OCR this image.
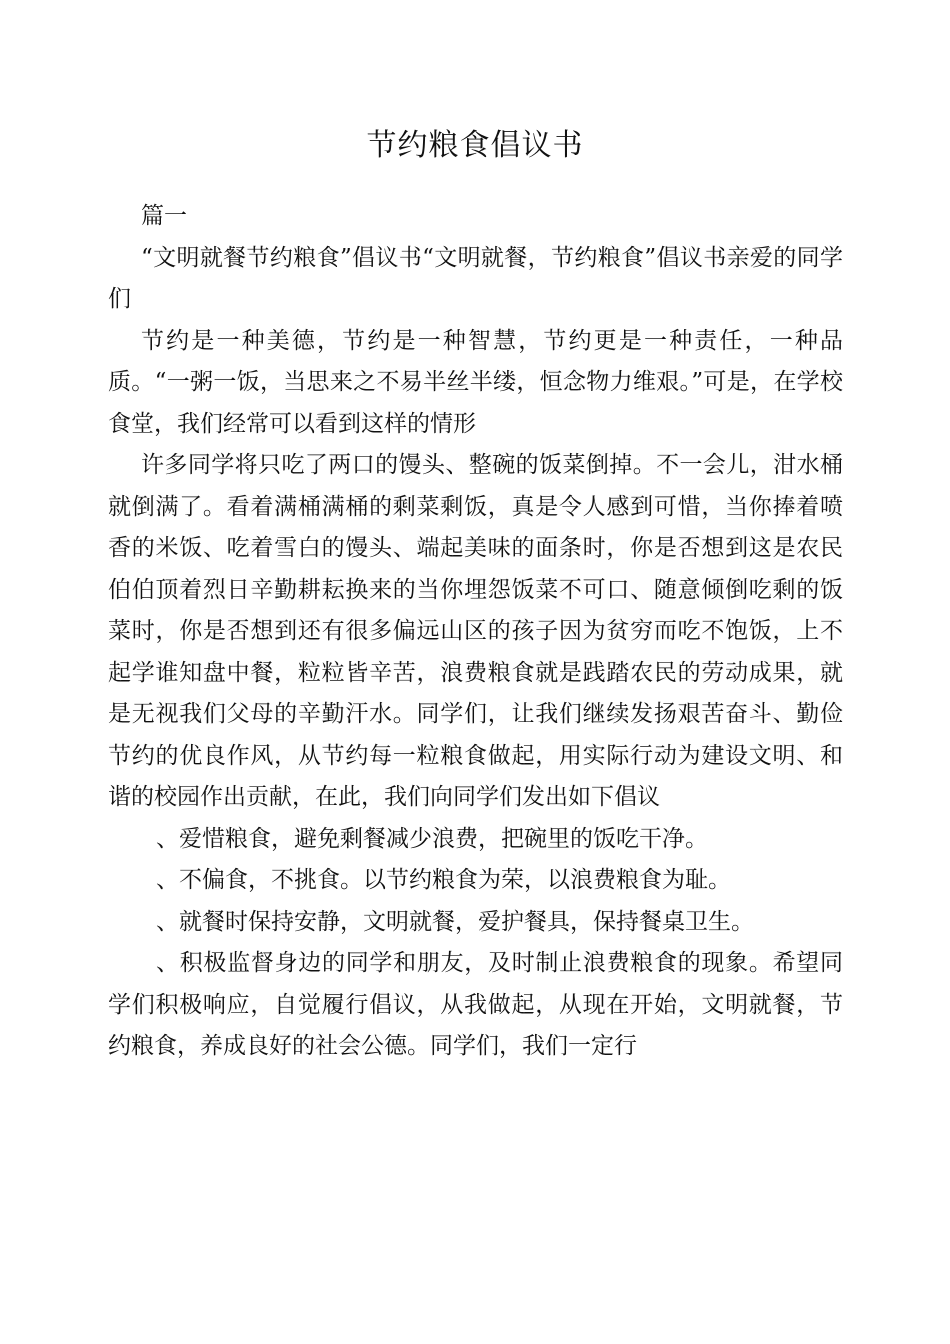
节约粮食倡议书

篇一

“文明就餐节约粮食”倡议书“文明就餐，节约粮食”倡议书亲爱的同学们

节约是一种美德，节约是一种智慧，节约更是一种责任，一种品质。“一粥一饭，当思来之不易半丝半缕，恒念物力维艰。”可是，在学校食堂，我们经常可以看到这样的情形

许多同学将只吃了两口的馒头、整碗的饭菜倒掉。不一会儿，泔水桶就倒满了。看着满桶满桶的剩菜剩饭，真是令人感到可惜，当你捧着喷香的米饭、吃着雪白的馒头、端起美味的面条时，你是否想到这是农民伯伯顶着烈日辛勤耕耘换来的当你埋怨饭菜不可口、随意倾倒吃剩的饭菜时，你是否想到还有很多偏远山区的孩子因为贫穷而吃不饱饭，上不起学谁知盘中餐，粒粒皆辛苦，浪费粮食就是践踏农民的劳动成果，就是无视我们父母的辛勤汗水。同学们，让我们继续发扬艰苦奋斗、勤俭节约的优良作风，从节约每一粒粮食做起，用实际行动为建设文明、和谐的校园作出贡献，在此，我们向同学们发出如下倡议

、爱惜粮食，避免剩餐减少浪费，把碗里的饭吃干净。

、不偏食，不挑食。以节约粮食为荣，以浪费粮食为耻。

、就餐时保持安静，文明就餐，爱护餐具，保持餐桌卫生。

、积极监督身边的同学和朋友，及时制止浪费粮食的现象。希望同学们积极响应，自觉履行倡议，从我做起，从现在开始，文明就餐，节约粮食，养成良好的社会公德。同学们，我们一定行
